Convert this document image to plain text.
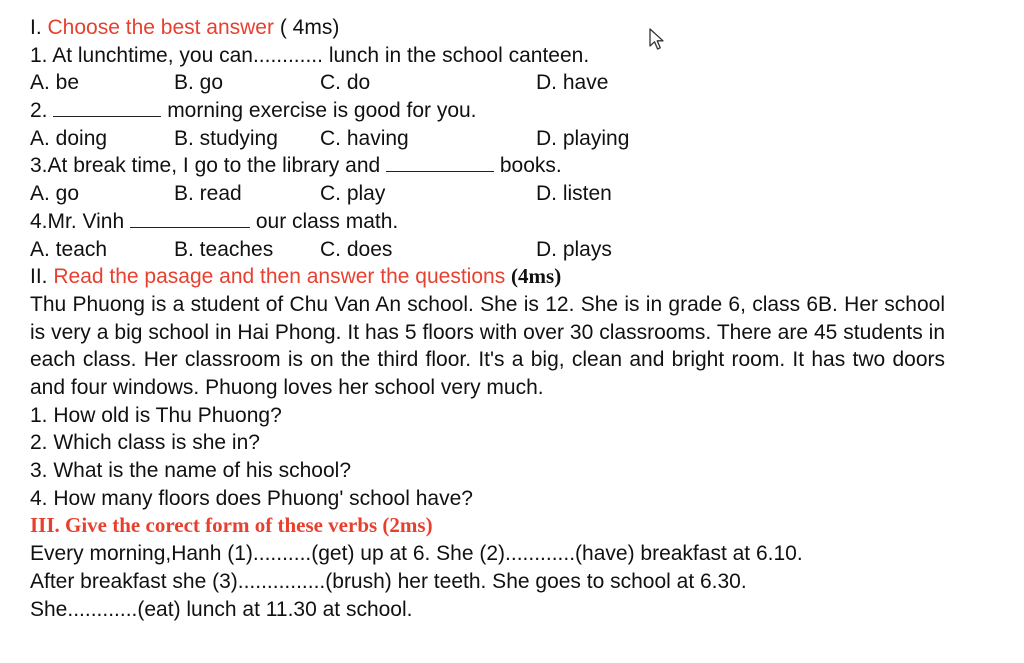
I. Choose the best answer ( 4ms)
1. At lunchtime, you can............ lunch in the school canteen.
A. be	B. go	C. do	D. have
2.	morning exercise is good for you.
A. doing	B. studying C. having	D. playing
3.At break time, I go to the library and	books.
A. go	B. read	C. play	D. listen
4.Mr. Vinh	our class math.
A. teach	B. teaches C. does	D. plays
II. Read the pasage and then answer the questions (4ms)
Thu Phuong is a student of Chu Van An school. She is 12. She is in grade 6, class 6B. Her school is very a big school in Hai Phong. It has 5 floors with over 30 classrooms. There are 45 students in each class. Her classroom is on the third floor. It's a big, clean and bright room. It has two doors and four windows. Phuong loves her school very much.
1. How old is Thu Phuong?
2. Which class is she in?
3. What is the name of his school?
4. How many floors does Phuong' school have?
III. Give the corect form of these verbs (2ms)
Every morning,Hanh (1)..........(get) up at 6. She (2)............(have) breakfast at 6.10.
After breakfast she (3)...............(brush) her teeth. She goes to school at 6.30.
She............(eat) lunch at 11.30 at school.
